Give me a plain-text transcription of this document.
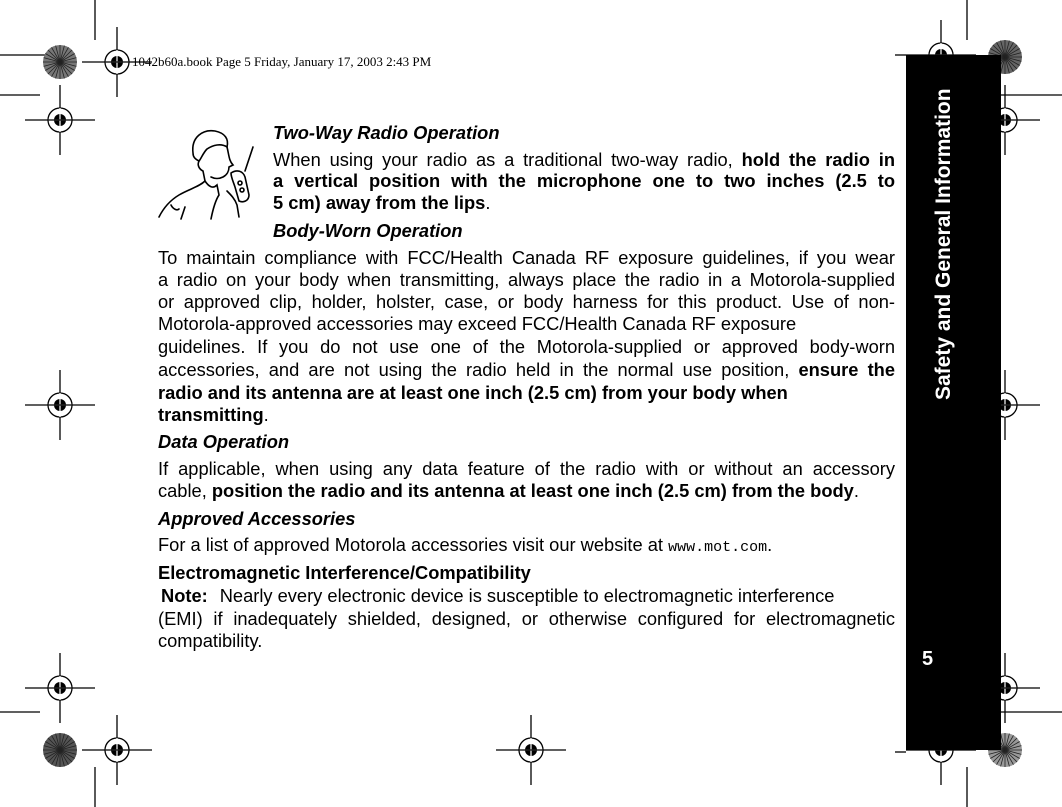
1042b60a.book Page 5 Friday, January 17, 2003 2:43 PM
Safety and General Information
5
Two-Way Radio Operation
When using your radio as a traditional two-way radio, hold the radio in
a vertical position with the microphone one to two inches (2.5 to
5 cm) away from the lips.
Body-Worn Operation
To maintain compliance with FCC/Health Canada RF exposure guidelines, if you wear
a radio on your body when transmitting, always place the radio in a Motorola-supplied
or approved clip, holder, holster, case, or body harness for this product. Use of non-
Motorola-approved accessories may exceed FCC/Health Canada RF exposure
guidelines. If you do not use one of the Motorola-supplied or approved body-worn
accessories, and are not using the radio held in the normal use position, ensure the
radio and its antenna are at least one inch (2.5 cm) from your body when
transmitting.
Data Operation
If applicable, when using any data feature of the radio with or without an accessory
cable, position the radio and its antenna at least one inch (2.5 cm) from the body.
Approved Accessories
For a list of approved Motorola accessories visit our website at www.mot.com.
Electromagnetic Interference/Compatibility
Note: Nearly every electronic device is susceptible to electromagnetic interference
(EMI) if inadequately shielded, designed, or otherwise configured for electromagnetic
compatibility.
